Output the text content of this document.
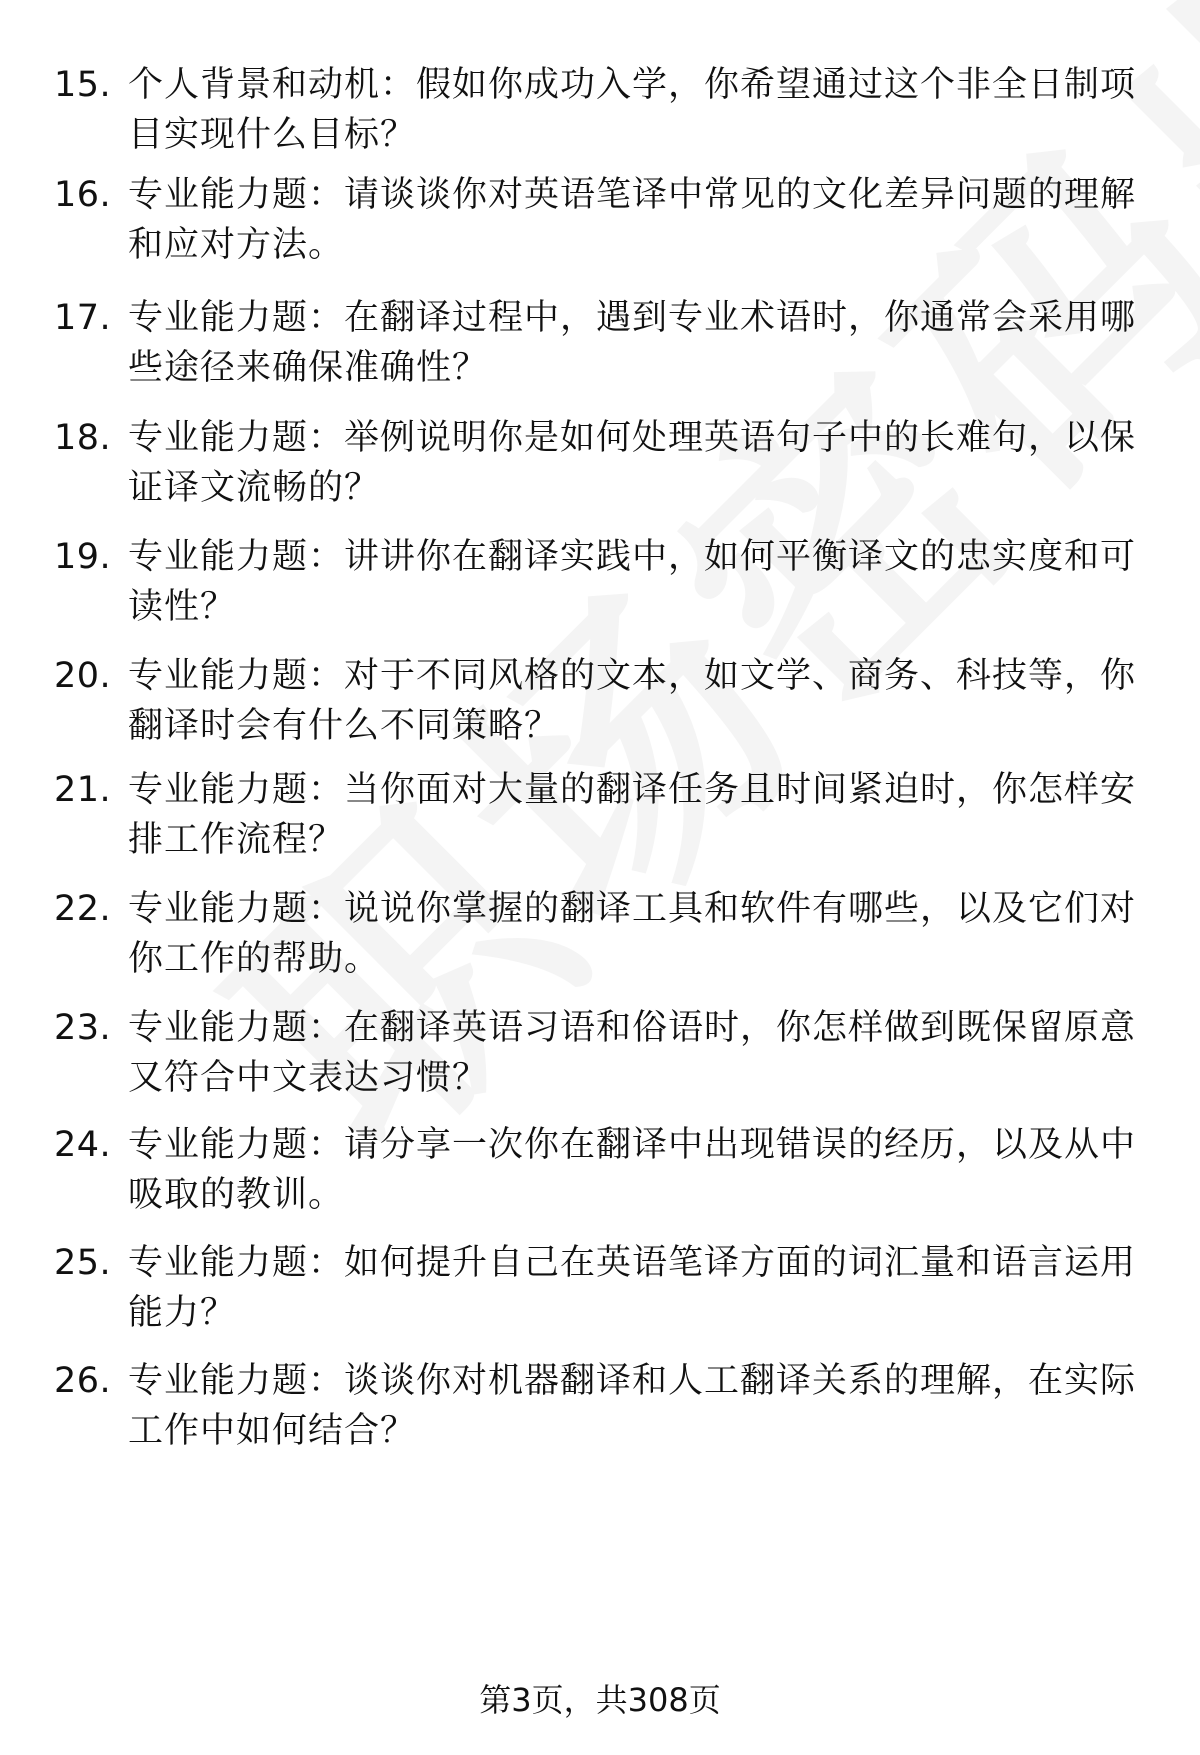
15. 个人背景和动机：假如你成功入学，你希望通过这个非全日制项目实现什么目标？
16. 专业能力题：请谈谈你对英语笔译中常见的文化差异问题的理解和应对方法。
17. 专业能力题：在翻译过程中，遇到专业术语时，你通常会采用哪些途径来确保准确性？
18. 专业能力题：举例说明你是如何处理英语句子中的长难句，以保证译文流畅的？
19. 专业能力题：讲讲你在翻译实践中，如何平衡译文的忠实度和可读性？
20. 专业能力题：对于不同风格的文本，如文学、商务、科技等，你翻译时会有什么不同策略？
21. 专业能力题：当你面对大量的翻译任务且时间紧迫时，你怎样安排工作流程？
22. 专业能力题：说说你掌握的翻译工具和软件有哪些，以及它们对你工作的帮助。
23. 专业能力题：在翻译英语习语和俗语时，你怎样做到既保留原意又符合中文表达习惯？
24. 专业能力题：请分享一次你在翻译中出现错误的经历，以及从中吸取的教训。
25. 专业能力题：如何提升自己在英语笔译方面的词汇量和语言运用能力？
26. 专业能力题：谈谈你对机器翻译和人工翻译关系的理解，在实际工作中如何结合？
第3页，共308页
